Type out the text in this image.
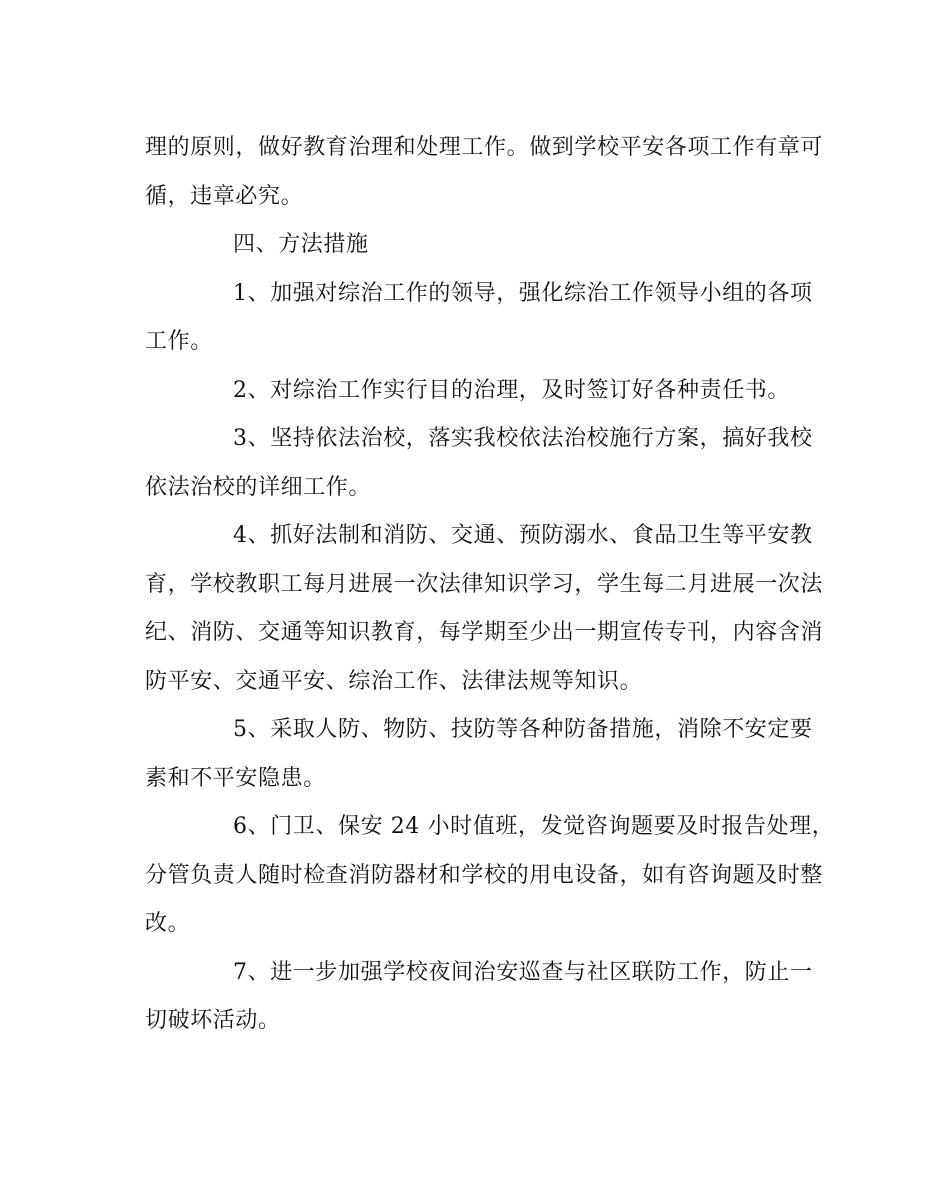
理的原则，做好教育治理和处理工作。做到学校平安各项工作有章可
循，违章必究。
四、方法措施
1、加强对综治工作的领导，强化综治工作领导小组的各项
工作。
2、对综治工作实行目的治理，及时签订好各种责任书。
3、坚持依法治校，落实我校依法治校施行方案，搞好我校
依法治校的详细工作。
4、抓好法制和消防、交通、预防溺水、食品卫生等平安教
育，学校教职工每月进展一次法律知识学习，学生每二月进展一次法
纪、消防、交通等知识教育，每学期至少出一期宣传专刊，内容含消
防平安、交通平安、综治工作、法律法规等知识。
5、采取人防、物防、技防等各种防备措施，消除不安定要
素和不平安隐患。
6、门卫、保安 24 小时值班，发觉咨询题要及时报告处理，
分管负责人随时检查消防器材和学校的用电设备，如有咨询题及时整
改。
7、进一步加强学校夜间治安巡查与社区联防工作，防止一
切破坏活动。
